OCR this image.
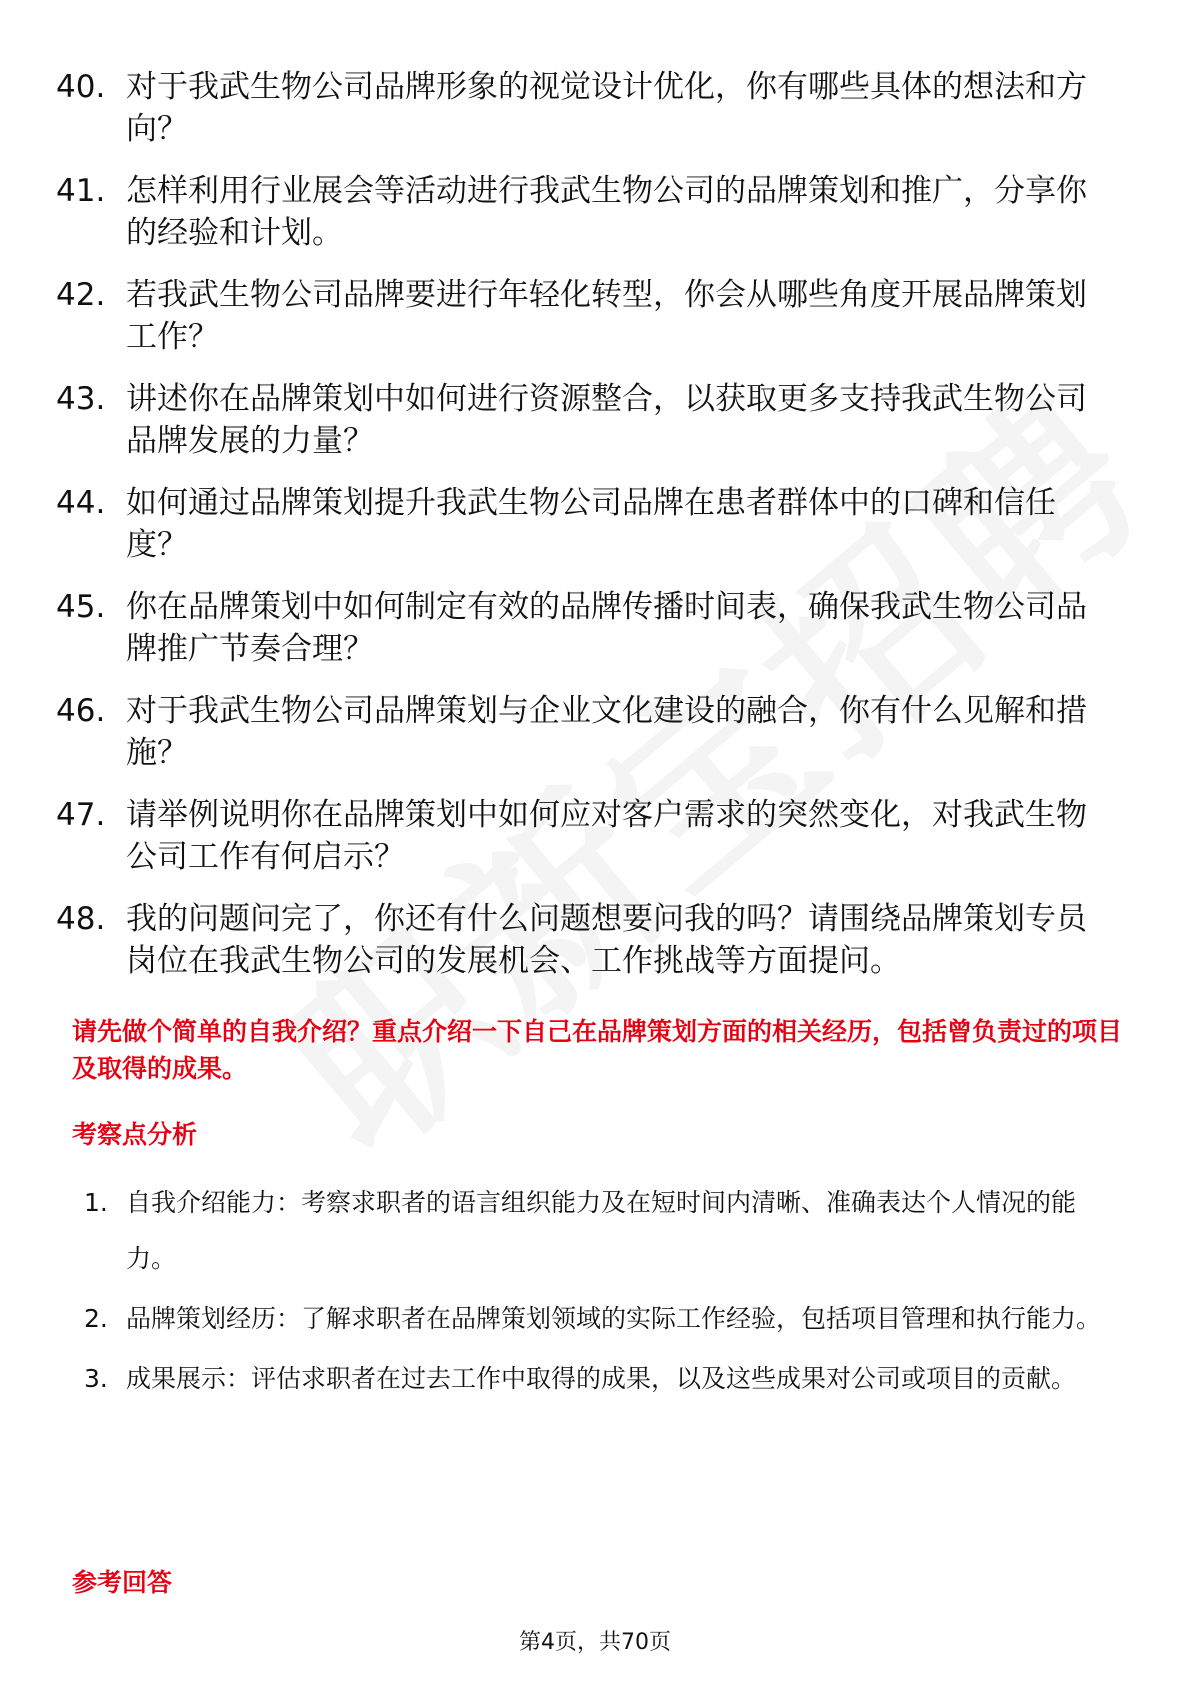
40. 对于我武生物公司品牌形象的视觉设计优化，你有哪些具体的想法和方向？
41. 怎样利用行业展会等活动进行我武生物公司的品牌策划和推广，分享你的经验和计划。
42. 若我武生物公司品牌要进行年轻化转型，你会从哪些角度开展品牌策划工作？
43. 讲述你在品牌策划中如何进行资源整合，以获取更多支持我武生物公司品牌发展的力量？
44. 如何通过品牌策划提升我武生物公司品牌在患者群体中的口碑和信任度？
45. 你在品牌策划中如何制定有效的品牌传播时间表，确保我武生物公司品牌推广节奏合理？
46. 对于我武生物公司品牌策划与企业文化建设的融合，你有什么见解和措施？
47. 请举例说明你在品牌策划中如何应对客户需求的突然变化，对我武生物公司工作有何启示？
48. 我的问题问完了，你还有什么问题想要问我的吗？请围绕品牌策划专员岗位在我武生物公司的发展机会、工作挑战等方面提问。
请先做个简单的自我介绍？重点介绍一下自己在品牌策划方面的相关经历，包括曾负责过的项目及取得的成果。
考察点分析
1. 自我介绍能力：考察求职者的语言组织能力及在短时间内清晰、准确表达个人情况的能力。
2. 品牌策划经历：了解求职者在品牌策划领域的实际工作经验，包括项目管理和执行能力。
3. 成果展示：评估求职者在过去工作中取得的成果，以及这些成果对公司或项目的贡献。
参考回答
第4页，共70页
